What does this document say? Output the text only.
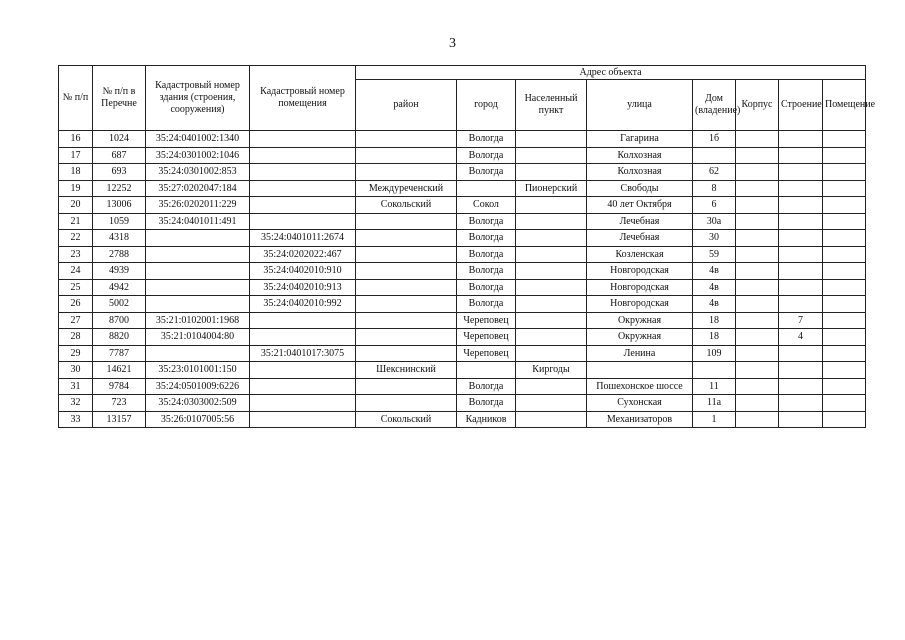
3
№ п/п	№ п/п в Перечне	Кадастровый номер здания (строения, сооружения)	Кадастровый номер помещения	Адрес объекта							
				район	город	Населенный пункт	улица	Дом (владение)	Корпус	Строение	Помещение
16	1024	35:24:0401002:1340			Вологда		Гагарина	1б			
17	687	35:24:0301002:1046			Вологда		Колхозная				
18	693	35:24:0301002:853			Вологда		Колхозная	62			
19	12252	35:27:0202047:184		Междуреченский		Пионерский	Свободы	8			
20	13006	35:26:0202011:229		Сокольский	Сокол		40 лет Октября	6			
21	1059	35:24:0401011:491			Вологда		Лечебная	30а			
22	4318		35:24:0401011:2674		Вологда		Лечебная	30			
23	2788		35:24:0202022:467		Вологда		Козленская	59			
24	4939		35:24:0402010:910		Вологда		Новгородская	4в			
25	4942		35:24:0402010:913		Вологда		Новгородская	4в			
26	5002		35:24:0402010:992		Вологда		Новгородская	4в			
27	8700	35:21:0102001:1968			Череповец		Окружная	18		7	
28	8820	35:21:0104004:80			Череповец		Окружная	18		4	
29	7787		35:21:0401017:3075		Череповец		Ленина	109			
30	14621	35:23:0101001:150		Шекснинский		Киргоды					
31	9784	35:24:0501009:6226			Вологда		Пошехонское шоссе	11			
32	723	35:24:0303002:509			Вологда		Сухонская	11а			
33	13157	35:26:0107005:56		Сокольский	Кадников		Механизаторов	1			
